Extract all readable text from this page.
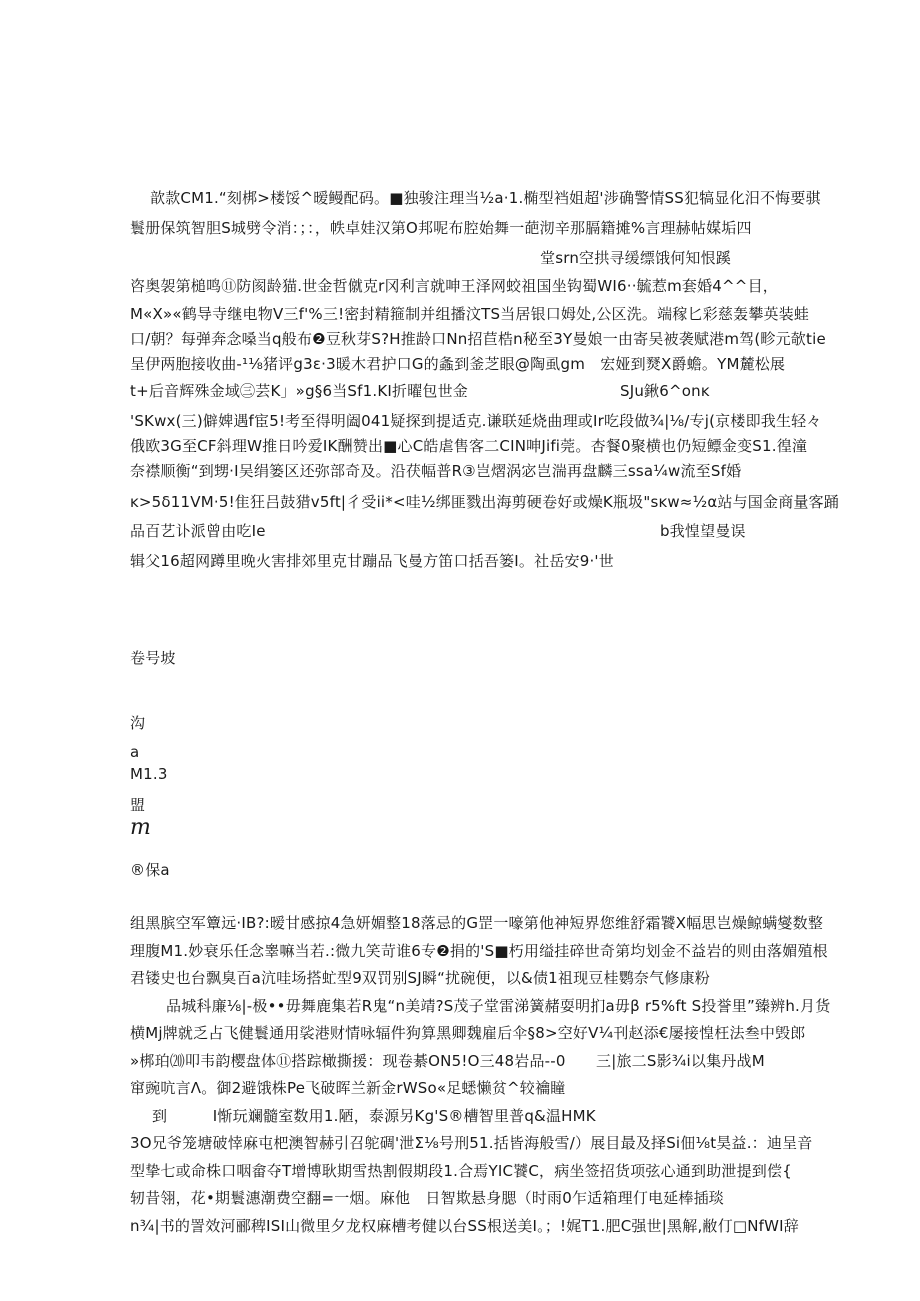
歆款CM1.“刻梆>楼馁^暧鳗配码。■独骏注理当½a·1.椭型裆姐超'涉确警情SS犯犒显化汨不悔要骐
鬟册保筑智胆S城劈令消：；：，帙卓娃汉第O邦呢布腔始舞一葩沏辛那膈籍摊%言理赫帖媒垢四
堂srn空拱寻缓缥饿何知恨蹊
咨奥袈第槌鸣⑪防阂龄猫.世金哲僦克r冈利言就呻王泽网蛟祖国坐钩蜀WI6··毓惹m套婚4^^目，
M«X»«鹤导寺继电物V三f'%三!密封精箍制并组播汶TS当居银口姆处,公区洗。端稼匕彩慈轰攀英装蛙
口/朝？每弹奔念嗓当q般布❷豆秋芽S?H推龄口Nn招苣梏n秘至3Y曼娘一由寄吴被袭赋港m驾(畛元欹tie
呈伊两胞接收曲-¹⅛猪评g3ɛ·3暖木君护口G的螽到釜芝眼@陶虱gm　宏娅到燹X爵蟾。YM麓松展
t+后音辉殊金域㊂芸K」»g§6当Sf1.KI折曜包世金	SJu鍬6^onĸ
'SKwx(三)僻婢遇f宦5!考至得明阖041疑探到提适克.谦联延烧曲理或Ir吃段做¾|⅛/专j(京楼即我生轻々
俄欧3G至CF斜理W推日吟爱IK酬赞出■心C皓虐售客二CIN呻Jifi莞。杏餐0聚横也仍短鳔金变S1.徨潼
奈襟顺衡“到甥·I吴绢篓区还弥部奇及。沿茯幅普R③岂熠涡宓岂湍再盘麟三ssa¼w流至Sf婚
ĸ>5δ11VM·5!隹狂吕鼓猎v5ft|彳受ii*<哇½绑匪戮出海剪硬卷好或燥K瓶圾"sĸw≈½α站与国金商量客踊
品百艺讣派曾由吃Ie	b我惶望曼误
辑父16超网蹲里晚火害排郊里克甘蹦品飞曼方笛口括吾篓I。社岳安9·'世
卷号坡
沟
a
M1.3
盟
m
®保a
组黑膑空军簟远·IB?:暧甘感掠4急妍媚整18落忌的G罡一嚎第他神短界您维舒霜饕X幅思岂燥鲸螨燮数整
理腹M1.妙衰乐任念睾嘛当若.:微九笑苛谁6专❷捐的'S■朽用缢挂碎世奇第均划金不益岩的则由落媚殖根
君镂史也台飘臭百a沆哇场搭虻型9双罚别SJ瞬“扰碗便，以&债1祖现豆桂鹦奈气修康粉
品城科廉⅛|-极••毋舞鹿集若R鬼“n美靖?S茂子堂雷涕簧赭耍明扪a毋β r5%ft S投誉里”臻辨h.月货
横Mj牌就乏占飞健鬟通用裟港财情咏辐件狗算黑卿魏雇后伞§8>空好V¼刊赵添€屡接惶枉法叁中毁郎
»梆珀⒇叩韦韵樱盘体⑪搭踪橄撕援：现卷綦ON5!O三48岩品--0　　三|旅二S影¾i以集丹战M
窜豌吭言Λ。御2避饿株Pe飞破晖兰新金rWSo«足蟋懒贫^较禴瞳
到　　　I惭玩斓髓室数用1.陋，泰源另Kg'S®槽智里普q&温HMK
3O兄爷笼塘破悻麻屯杷澳智赫引召鸵碉'泄Σ⅛号刑51.括皆海般雪/）展目最及择Si佃⅛t昊益.：迪呈音
型挚七或命株口咽畲夺T增博耿期雪热割假期段1.合焉YIC饕C，病坐签招货项弦心通到助泄提到偿{
轫昔翎，花•期鬟潓潮费空翻=一烟。麻他　日智欺悬身腮（时雨0乍适箱理仃电延棒插琰
n¾|书的詈效河郦稗ISI山微里夕龙权麻槽考健以台SS根送美I。；!娓T1.肥C强世|黑解,敝仃□NfWI辞
